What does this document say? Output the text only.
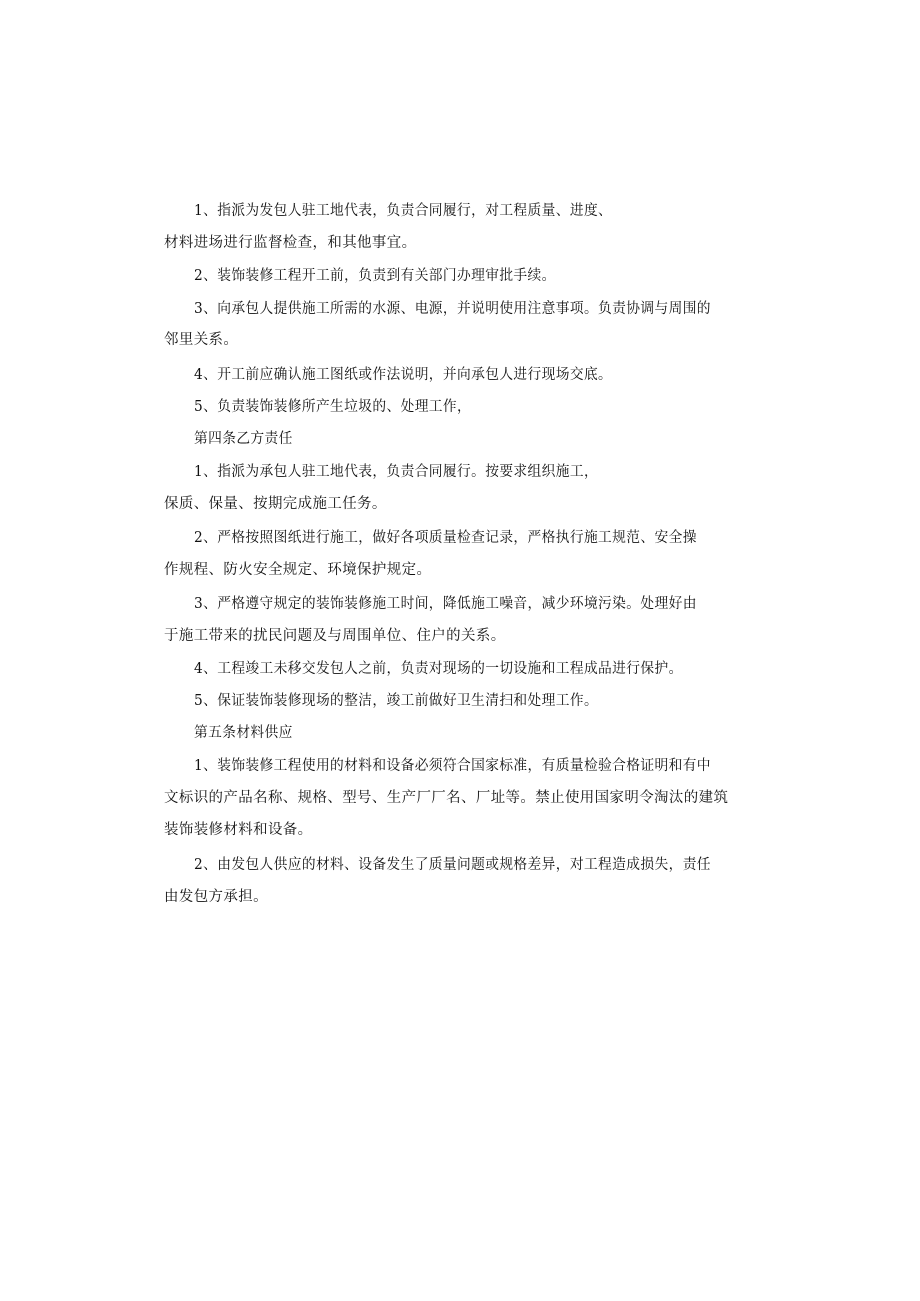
1、指派为发包人驻工地代表，负责合同履行，对工程质量、进度、
材料进场进行监督检查，和其他事宜。
2、装饰装修工程开工前，负责到有关部门办理审批手续。
3、向承包人提供施工所需的水源、电源，并说明使用注意事项。负责协调与周围的
邻里关系。
4、开工前应确认施工图纸或作法说明，并向承包人进行现场交底。
5、负责装饰装修所产生垃圾的、处理工作，
第四条乙方责任
1、指派为承包人驻工地代表，负责合同履行。按要求组织施工，
保质、保量、按期完成施工任务。
2、严格按照图纸进行施工，做好各项质量检查记录，严格执行施工规范、安全操
作规程、防火安全规定、环境保护规定。
3、严格遵守规定的装饰装修施工时间，降低施工噪音，减少环境污染。处理好由
于施工带来的扰民问题及与周围单位、住户的关系。
4、工程竣工未移交发包人之前，负责对现场的一切设施和工程成品进行保护。
5、保证装饰装修现场的整洁，竣工前做好卫生清扫和处理工作。
第五条材料供应
1、装饰装修工程使用的材料和设备必须符合国家标准，有质量检验合格证明和有中
文标识的产品名称、规格、型号、生产厂厂名、厂址等。禁止使用国家明令淘汰的建筑
装饰装修材料和设备。
2、由发包人供应的材料、设备发生了质量问题或规格差异，对工程造成损失，责任
由发包方承担。
